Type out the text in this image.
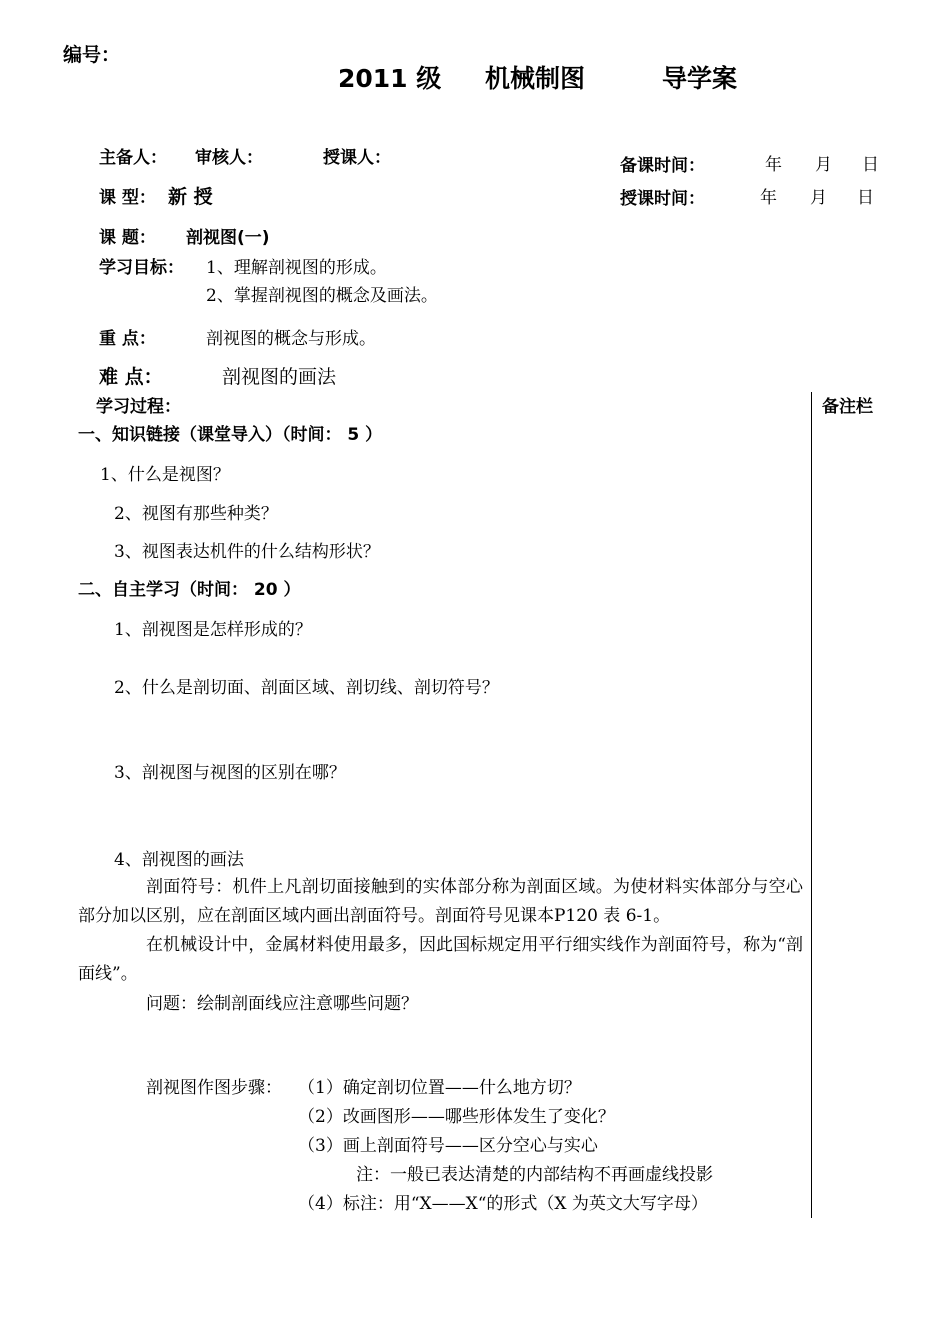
编号：
2011 级 机械制图	导学案
主备人： 审核人：	授课人：	备课时间：	年 月 日
课 型： 新 授	授课时间：	年 月 日
课 题： 剖视图(一)
学习目标： 1、理解剖视图的形成。
2、掌握剖视图的概念及画法。
重 点：	剖视图的概念与形成。
难 点：	剖视图的画法
学习过程：	备注栏
一、知识链接（课堂导入）（时间： 5 ）
1、什么是视图？
2、视图有那些种类？
3、视图表达机件的什么结构形状？
二、自主学习（时间： 20 ）
1、剖视图是怎样形成的？
2、什么是剖切面、剖面区域、剖切线、剖切符号？
3、剖视图与视图的区别在哪？
4、剖视图的画法
剖面符号：机件上凡剖切面接触到的实体部分称为剖面区域。为使材料实体部分与空心部分加以区别，应在剖面区域内画出剖面符号。剖面符号见课本P120 表 6-1。
在机械设计中，金属材料使用最多，因此国标规定用平行细实线作为剖面符号，称为“剖面线”。
问题：绘制剖面线应注意哪些问题？
剖视图作图步骤： （1）确定剖切位置——什么地方切？
（2）改画图形——哪些形体发生了变化？
（3）画上剖面符号——区分空心与实心
注：一般已表达清楚的内部结构不再画虚线投影
（4）标注：用“X——X“的形式（X 为英文大写字母）
